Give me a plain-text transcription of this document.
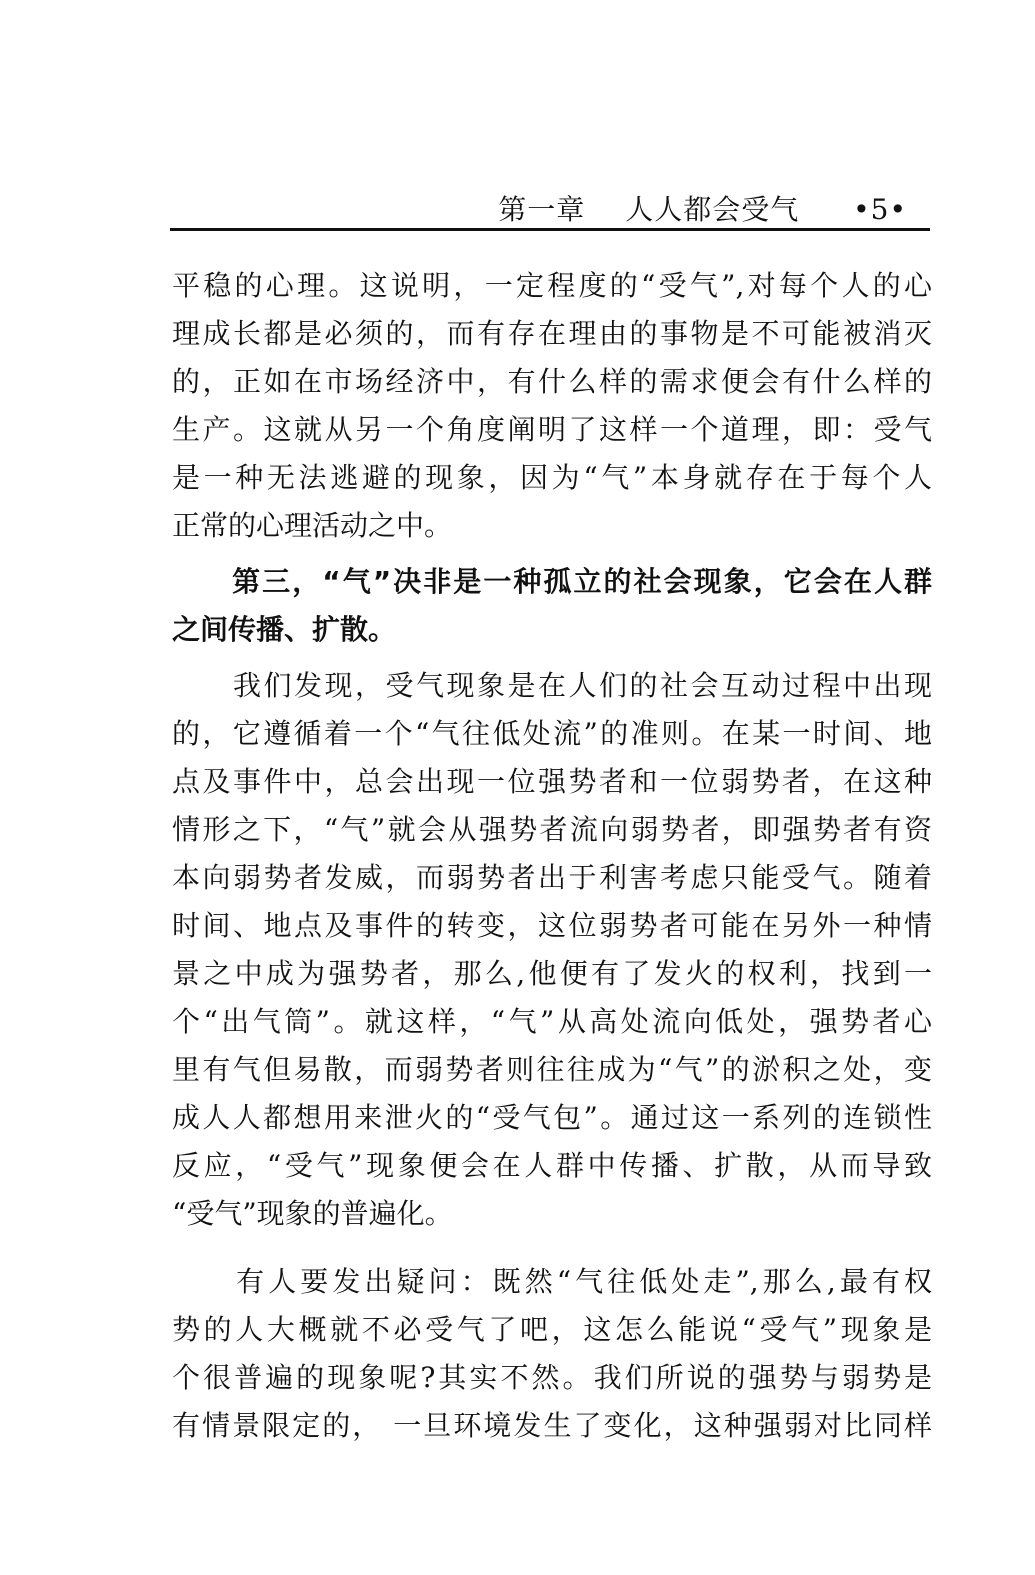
第一章 人人都会受气 •5•
平稳的心理。这说明，一定程度的“受气”,对每个人的心
理成长都是必须的，而有存在理由的事物是不可能被消灭
的，正如在市场经济中，有什么样的需求便会有什么样的
生产。这就从另一个角度阐明了这样一个道理，即：受气
是一种无法逃避的现象，因为“气”本身就存在于每个人
正常的心理活动之中。
　　第三，“气”决非是一种孤立的社会现象，它会在人群
之间传播、扩散。
　　我们发现，受气现象是在人们的社会互动过程中出现
的，它遵循着一个“气往低处流”的准则。在某一时间、地
点及事件中，总会出现一位强势者和一位弱势者，在这种
情形之下，“气”就会从强势者流向弱势者，即强势者有资
本向弱势者发威，而弱势者出于利害考虑只能受气。随着
时间、地点及事件的转变，这位弱势者可能在另外一种情
景之中成为强势者，那么,他便有了发火的权利，找到一
个“出气筒”。就这样，“气”从高处流向低处，强势者心
里有气但易散，而弱势者则往往成为“气”的淤积之处，变
成人人都想用来泄火的“受气包”。通过这一系列的连锁性
反应，“受气”现象便会在人群中传播、扩散，从而导致
“受气”现象的普遍化。
　　有人要发出疑问：既然“气往低处走”,那么,最有权
势的人大概就不必受气了吧，这怎么能说“受气”现象是
个很普遍的现象呢?其实不然。我们所说的强势与弱势是
有情景限定的， 一旦环境发生了变化，这种强弱对比同样
